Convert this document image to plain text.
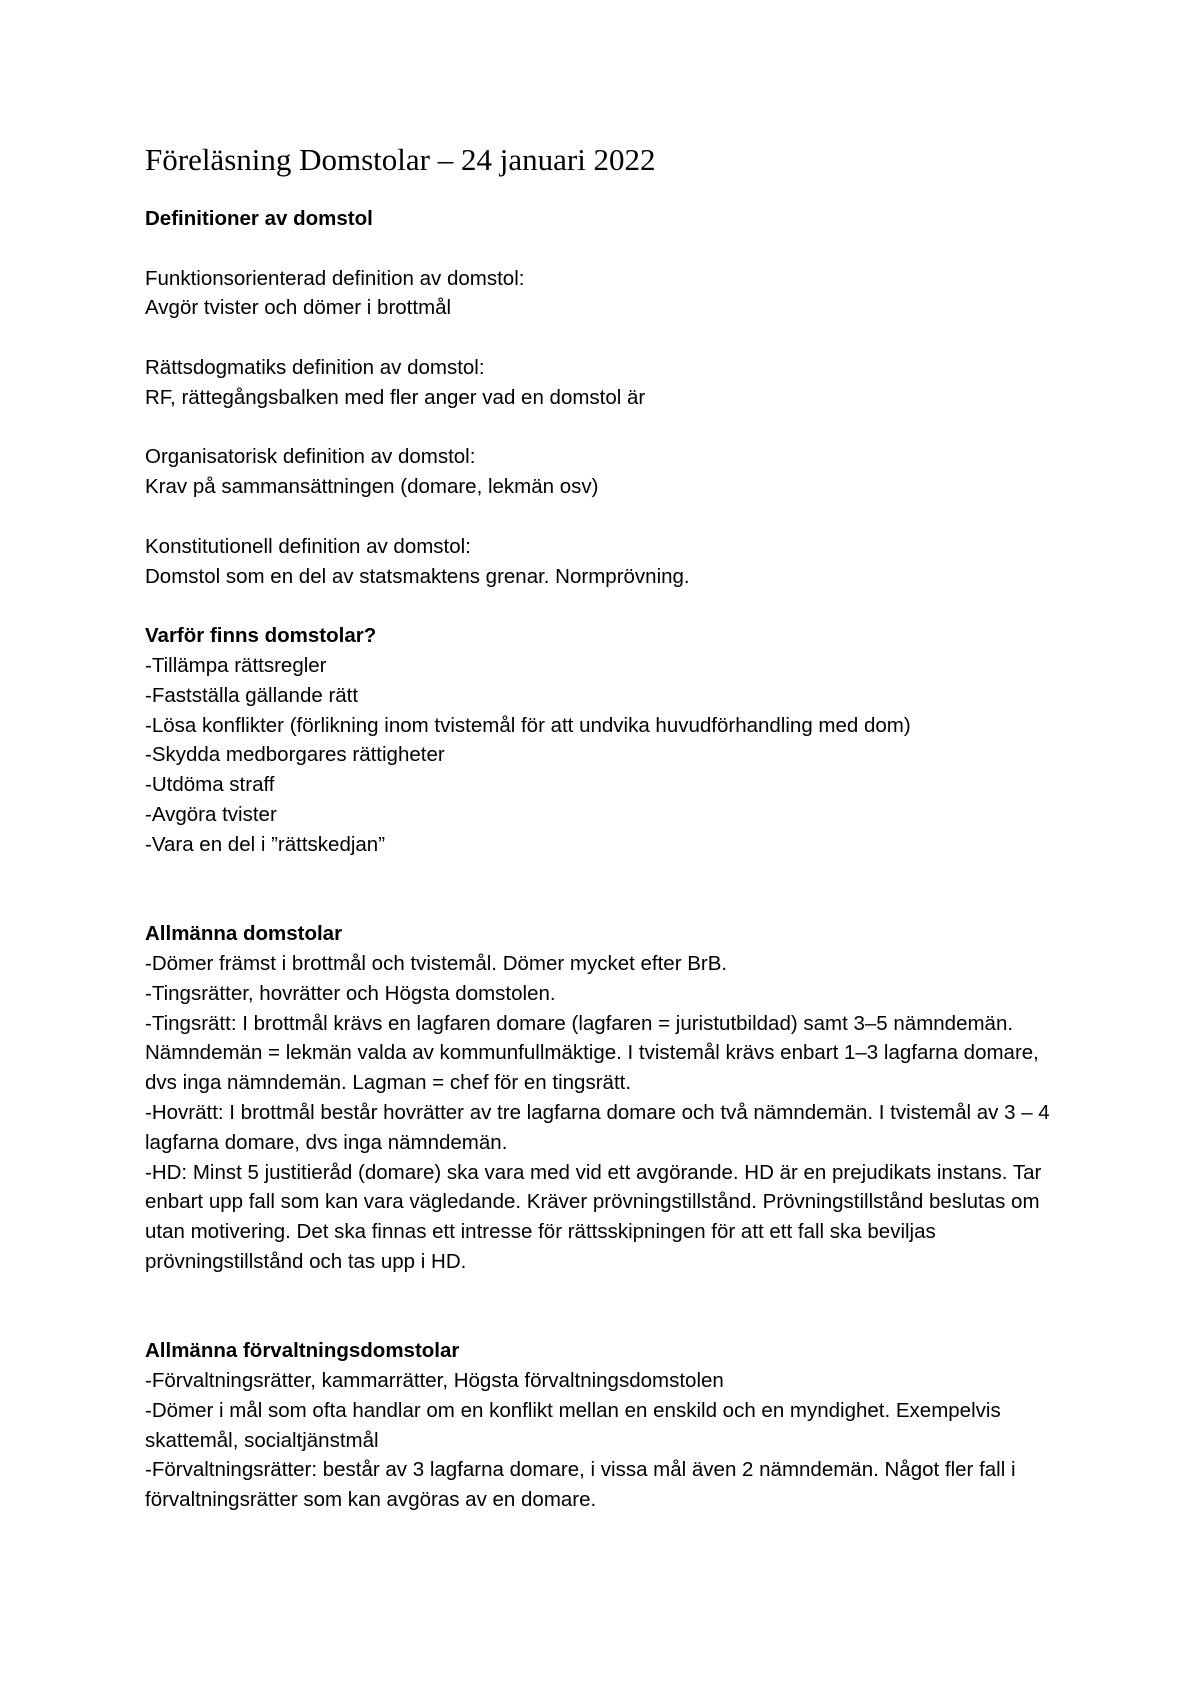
Föreläsning Domstolar – 24 januari 2022
Definitioner av domstol
Funktionsorienterad definition av domstol:
Avgör tvister och dömer i brottmål
Rättsdogmatiks definition av domstol:
RF, rättegångsbalken med fler anger vad en domstol är
Organisatorisk definition av domstol:
Krav på sammansättningen (domare, lekmän osv)
Konstitutionell definition av domstol:
Domstol som en del av statsmaktens grenar. Normprövning.
Varför finns domstolar?
-Tillämpa rättsregler
-Fastställa gällande rätt
-Lösa konflikter (förlikning inom tvistemål för att undvika huvudförhandling med dom)
-Skydda medborgares rättigheter
-Utdöma straff
-Avgöra tvister
-Vara en del i ”rättskedjan”
Allmänna domstolar
-Dömer främst i brottmål och tvistemål. Dömer mycket efter BrB.
-Tingsrätter, hovrätter och Högsta domstolen.
-Tingsrätt: I brottmål krävs en lagfaren domare (lagfaren = juristutbildad) samt 3–5 nämndemän. Nämndemän = lekmän valda av kommunfullmäktige. I tvistemål krävs enbart 1–3 lagfarna domare, dvs inga nämndemän. Lagman = chef för en tingsrätt.
-Hovrätt: I brottmål består hovrätter av tre lagfarna domare och två nämndemän. I tvistemål av 3 – 4 lagfarna domare, dvs inga nämndemän.
-HD: Minst 5 justitieråd (domare) ska vara med vid ett avgörande. HD är en prejudikats instans. Tar enbart upp fall som kan vara vägledande. Kräver prövningstillstånd. Prövningstillstånd beslutas om utan motivering. Det ska finnas ett intresse för rättsskipningen för att ett fall ska beviljas prövningstillstånd och tas upp i HD.
Allmänna förvaltningsdomstolar
-Förvaltningsrätter, kammarrätter, Högsta förvaltningsdomstolen
-Dömer i mål som ofta handlar om en konflikt mellan en enskild och en myndighet. Exempelvis skattemål, socialtjänstmål
-Förvaltningsrätter: består av 3 lagfarna domare, i vissa mål även 2 nämndemän. Något fler fall i förvaltningsrätter som kan avgöras av en domare.
